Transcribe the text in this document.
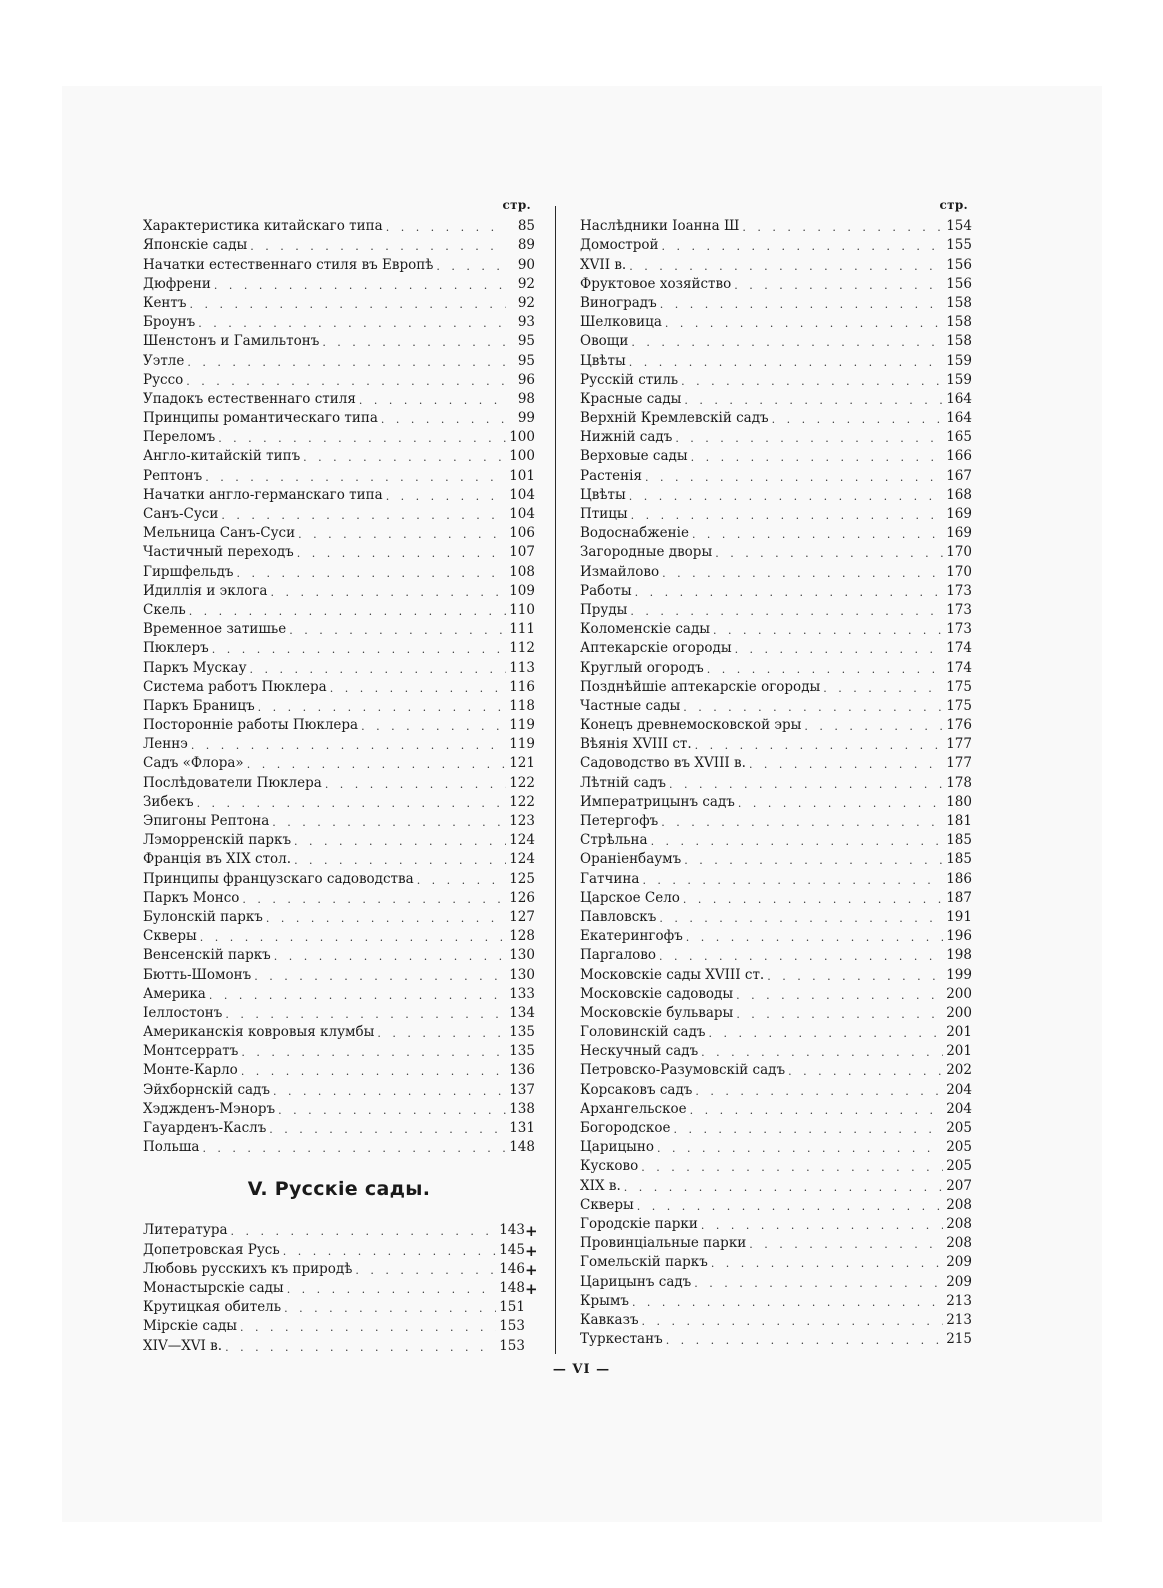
стр.
Характеристика китайскаго типа . . .	85
Японскіе сады . . .	89
Начатки естественнаго стиля въ Европѣ . . .	90
Дюфрени . . .	92
Кентъ . . .	92
Броунъ . . .	93
Шенстонъ и Гамильтонъ . . .	95
Уэтле . . .	95
Руссо . . .	96
Упадокъ естественнаго стиля . . .	98
Принципы романтическаго типа . . .	99
Переломъ . . .	100
Англо-китайскій типъ . . .	100
Рептонъ . . .	101
Начатки англо-германскаго типа . . .	104
Санъ-Суси . . .	104
Мельница Санъ-Суси . . .	106
Частичный переходъ . . .	107
Гиршфельдъ . . .	108
Идиллія и эклога . . .	109
Скель . . .	110
Временное затишье . . .	111
Пюклеръ . . .	112
Паркъ Мускау . . .	113
Система работъ Пюклера . . .	116
Паркъ Браницъ . . .	118
Посторонніе работы Пюклера . . .	119
Леннэ . . .	119
Садъ «Флора» . . .	121
Послѣдователи Пюклера . . .	122
Зибекъ . . .	122
Эпигоны Рептона . . .	123
Лэморренскій паркъ . . .	124
Франція въ XIX стол. . . .	124
Принципы французскаго садоводства . . .	125
Паркъ Монсо . . .	126
Булонскій паркъ . . .	127
Скверы . . .	128
Венсенскій паркъ . . .	130
Бютть-Шомонъ . . .	130
Америка . . .	133
Іеллостонъ . . .	134
Американскія ковровыя клумбы . . .	135
Монтсерратъ . . .	135
Монте-Карло . . .	136
Эйхборнскій садъ . . .	137
Хэджденъ-Мэноръ . . .	138
Гауарденъ-Каслъ . . .	131
Польша . . .	148
V. Русскіе сады.
Литература . . .	143 +
Допетровская Русь . . .	145 +
Любовь русскихъ къ природѣ . . .	146 +
Монастырскіе сады . . .	148 +
Крутицкая обитель . . .	151
Мірскіе сады . . .	153
XIV—XVI в. . . .	153
стр.
Наслѣдники Іоанна Ш . . .	154
Домострой . . .	155
XVII в. . . .	156
Фруктовое хозяйство . . .	156
Виноградъ . . .	158
Шелковица . . .	158
Овощи . . .	158
Цвѣты . . .	159
Русскій стиль . . .	159
Красные сады . . .	164
Верхній Кремлевскій садъ . . .	164
Нижній садъ . . .	165
Верховые сады . . .	166
Растенія . . .	167
Цвѣты . . .	168
Птицы . . .	169
Водоснабженіе . . .	169
Загородные дворы . . .	170
Измайлово . . .	170
Работы . . .	173
Пруды . . .	173
Коломенскіе сады . . .	173
Аптекарскіе огороды . . .	174
Круглый огородъ . . .	174
Позднѣйшіе аптекарскіе огороды . . .	175
Частные сады . . .	175
Конецъ древнемосковской эры . . .	176
Вѣянія XVIII ст. . . .	177
Садоводство въ XVIII в. . . .	177
Лѣтній садъ . . .	178
Императрицынъ садъ . . .	180
Петергофъ . . .	181
Стрѣльна . . .	185
Ораніенбаумъ . . .	185
Гатчина . . .	186
Царское Село . . .	187
Павловскъ . . .	191
Екатерингофъ . . .	196
Паргалово . . .	198
Московскіе сады XVIII ст. . . .	199
Московскіе садоводы . . .	200
Московскіе бульвары . . .	200
Головинскій садъ . . .	201
Нескучный садъ . . .	201
Петровско-Разумовскій садъ . . .	202
Корсаковъ садъ . . .	204
Архангельское . . .	204
Богородское . . .	205
Царицыно . . .	205
Кусково . . .	205
XIX в. . . .	207
Скверы . . .	208
Городскіе парки . . .	208
Провинціальные парки . . .	208
Гомельскій паркъ . . .	209
Царицынъ садъ . . .	209
Крымъ . . .	213
Кавказъ . . .	213
Туркестанъ . . .	215
— VI —
